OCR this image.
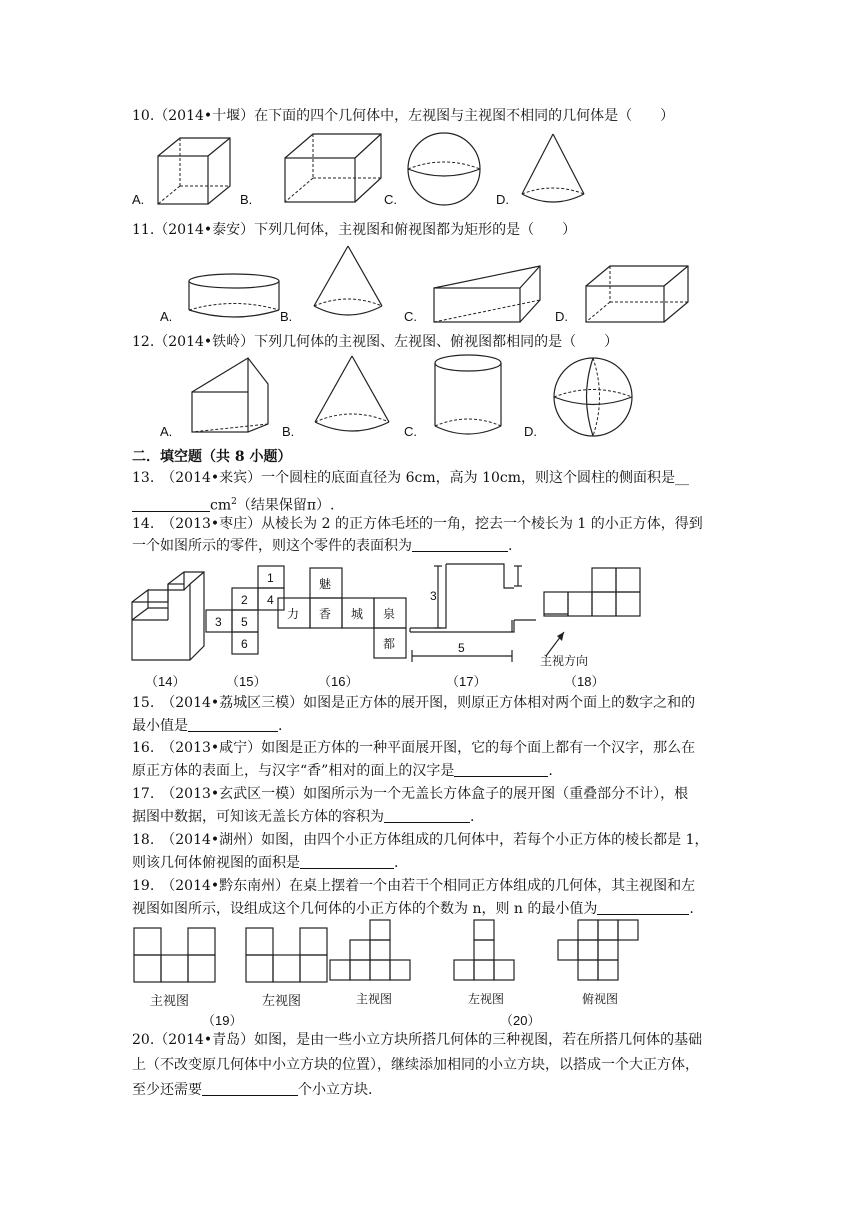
10.（2014•十堰）在下面的四个几何体中，左视图与主视图不相同的几何体是（　　）
A.	B.	C.	D.
11.（2014•泰安）下列几何体，主视图和俯视图都为矩形的是（　　）
A.	B.	C.	D.
12.（2014•铁岭）下列几何体的主视图、左视图、俯视图都相同的是（　　）
A.	B.	C.	D.
二．填空题（共 8 小题）
13.　（2014•来宾）一个圆柱的底面直径为 6cm，高为 10cm，则这个圆柱的侧面积是__
$cm^2$（结果保留π）.
14.　（2013•枣庄）从棱长为 2 的正方体毛坯的一角，挖去一个棱长为 1 的小正方体，得到
一个如图所示的零件，则这个零件的表面积为	.
1
2 4
3 5
6
魅
力 香 城 泉
都
3
5
主视方向
（14）	（15）	（16）	（17）	（18）
15.　（2014•荔城区三模）如图是正方体的展开图，则原正方体相对两个面上的数字之和的
最小值是	.
16.　（2013•咸宁）如图是正方体的一种平面展开图，它的每个面上都有一个汉字，那么在
原正方体的表面上，与汉字“香”相对的面上的汉字是	.
17.　（2013•玄武区一模）如图所示为一个无盖长方体盒子的展开图（重叠部分不计），根
据图中数据，可知该无盖长方体的容积为	.
18.　（2014•湖州）如图，由四个小正方体组成的几何体中，若每个小正方体的棱长都是 1，
则该几何体俯视图的面积是	.
19.　（2014•黔东南州）在桌上摆着一个由若干个相同正方体组成的几何体，其主视图和左
视图如图所示，设组成这个几何体的小正方体的个数为 n，则 n 的最小值为	.
主视图	左视图	主视图	左视图	俯视图
（19）	（20）
20.（2014•青岛）如图，是由一些小立方块所搭几何体的三种视图，若在所搭几何体的基础
上（不改变原几何体中小立方块的位置），继续添加相同的小立方块，以搭成一个大正方体，
至少还需要	个小立方块.
